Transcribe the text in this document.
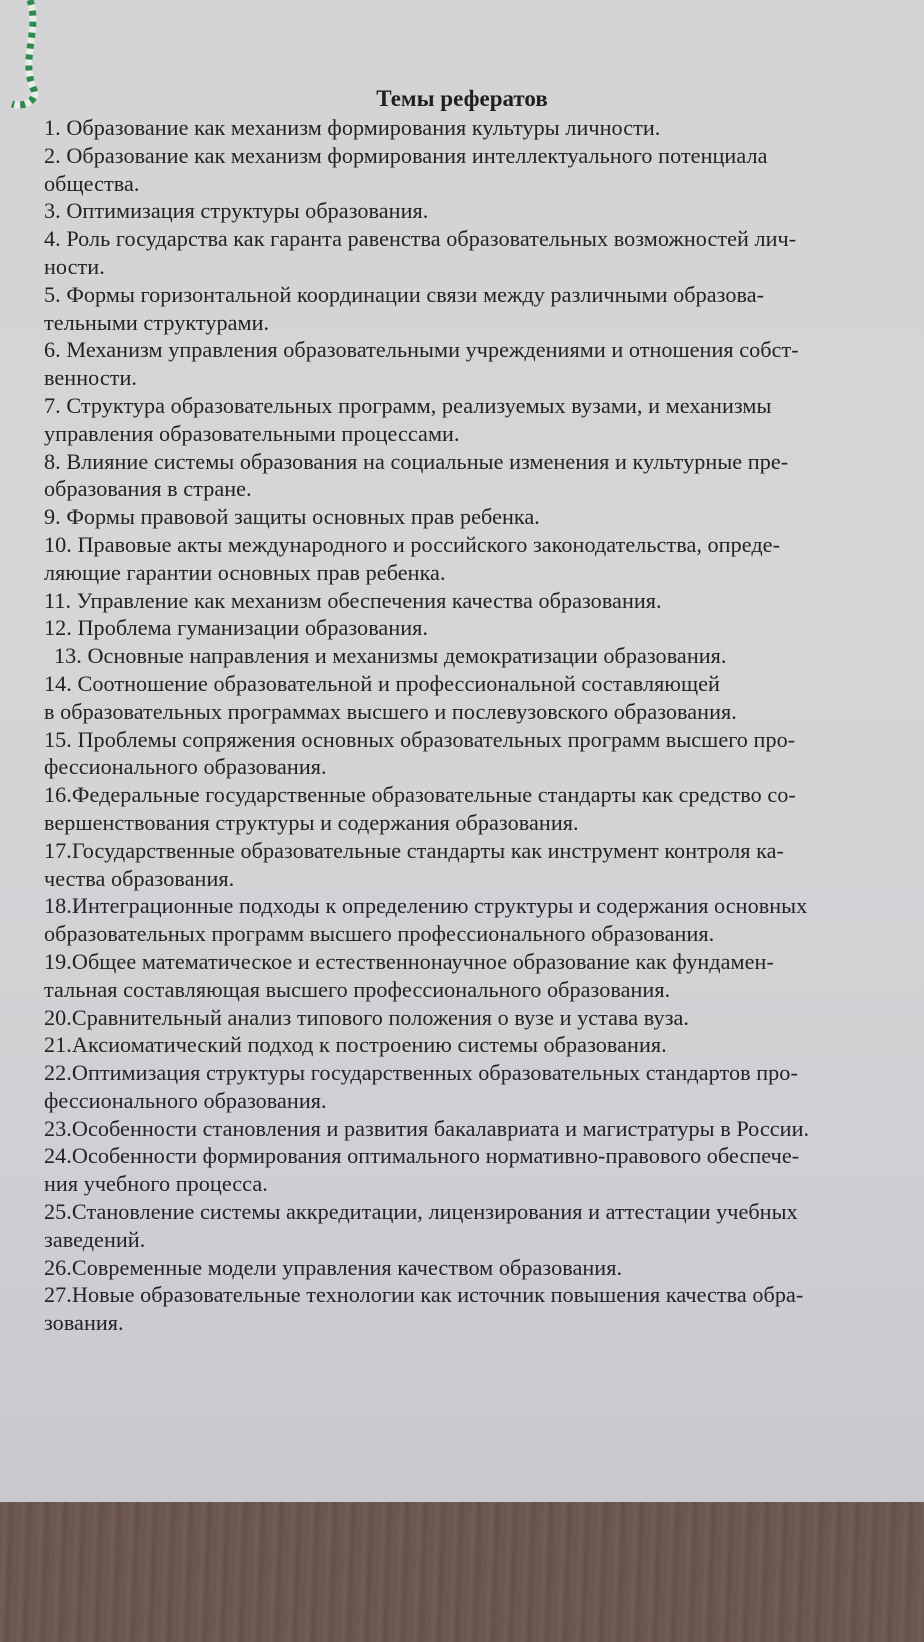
Темы рефератов
1. Образование как механизм формирования культуры личности.
2. Образование как механизм формирования интеллектуального потенциала
общества.
3. Оптимизация структуры образования.
4. Роль государства как гаранта равенства образовательных возможностей лич-
ности.
5. Формы горизонтальной координации связи между различными образова-
тельными структурами.
6. Механизм управления образовательными учреждениями и отношения собст-
венности.
7. Структура образовательных программ, реализуемых вузами, и механизмы
управления образовательными процессами.
8. Влияние системы образования на социальные изменения и культурные пре-
образования в стране.
9. Формы правовой защиты основных прав ребенка.
10. Правовые акты международного и российского законодательства, опреде-
ляющие гарантии основных прав ребенка.
11. Управление как механизм обеспечения качества образования.
12. Проблема гуманизации образования.
13. Основные направления и механизмы демократизации образования.
14. Соотношение образовательной и профессиональной составляющей
в образовательных программах высшего и послевузовского образования.
15. Проблемы сопряжения основных образовательных программ высшего про-
фессионального образования.
16.Федеральные государственные образовательные стандарты как средство со-
вершенствования структуры и содержания образования.
17.Государственные образовательные стандарты как инструмент контроля ка-
чества образования.
18.Интеграционные подходы к определению структуры и содержания основных
образовательных программ высшего профессионального образования.
19.Общее математическое и естественнонаучное образование как фундамен-
тальная составляющая высшего профессионального образования.
20.Сравнительный анализ типового положения о вузе и устава вуза.
21.Аксиоматический подход к построению системы образования.
22.Оптимизация структуры государственных образовательных стандартов про-
фессионального образования.
23.Особенности становления и развития бакалавриата и магистратуры в России.
24.Особенности формирования оптимального нормативно-правового обеспече-
ния учебного процесса.
25.Становление системы аккредитации, лицензирования и аттестации учебных
заведений.
26.Современные модели управления качеством образования.
27.Новые образовательные технологии как источник повышения качества обра-
зования.
